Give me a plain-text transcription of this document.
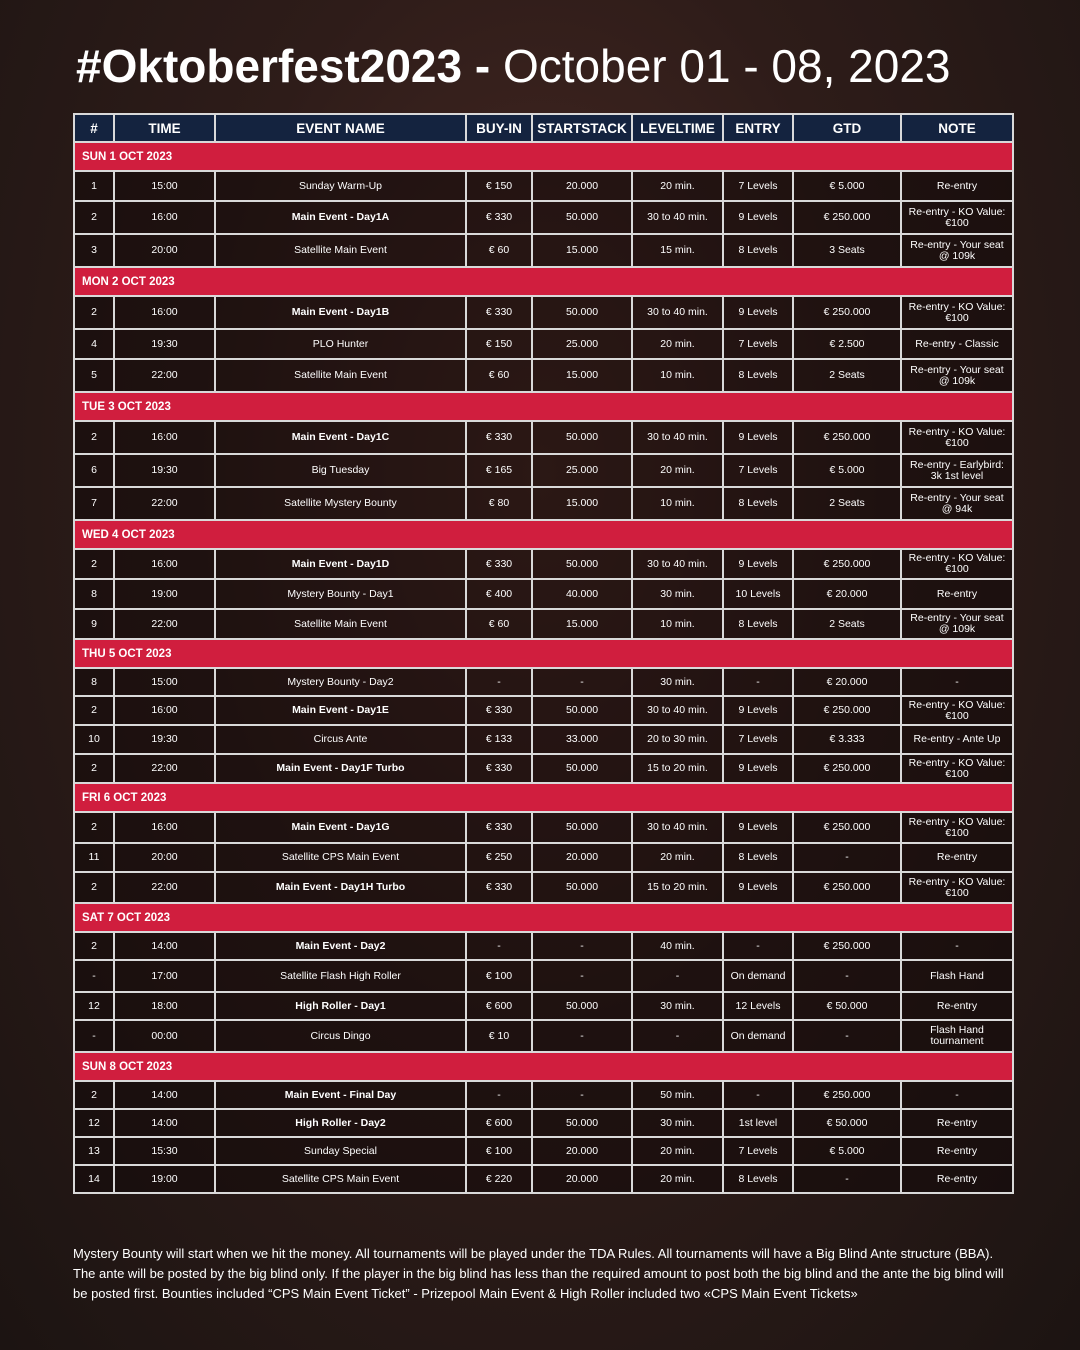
#Oktoberfest2023 - October 01 - 08, 2023
#	TIME	EVENT NAME	BUY-IN	STARTSTACK	LEVELTIME	ENTRY	GTD	NOTE
SUN 1 OCT 2023								
1	15:00	Sunday Warm-Up	€ 150	20.000	20 min.	7 Levels	€ 5.000	Re-entry
2	16:00	Main Event - Day1A	€ 330	50.000	30 to 40 min.	9 Levels	€ 250.000	Re-entry - KO Value: €100
3	20:00	Satellite Main Event	€ 60	15.000	15 min.	8 Levels	3 Seats	Re-entry - Your seat @ 109k
MON 2 OCT 2023								
2	16:00	Main Event - Day1B	€ 330	50.000	30 to 40 min.	9 Levels	€ 250.000	Re-entry - KO Value: €100
4	19:30	PLO Hunter	€ 150	25.000	20 min.	7 Levels	€ 2.500	Re-entry - Classic
5	22:00	Satellite Main Event	€ 60	15.000	10 min.	8 Levels	2 Seats	Re-entry - Your seat @ 109k
TUE 3 OCT 2023								
2	16:00	Main Event - Day1C	€ 330	50.000	30 to 40 min.	9 Levels	€ 250.000	Re-entry - KO Value: €100
6	19:30	Big Tuesday	€ 165	25.000	20 min.	7 Levels	€ 5.000	Re-entry - Earlybird: 3k 1st level
7	22:00	Satellite Mystery Bounty	€ 80	15.000	10 min.	8 Levels	2 Seats	Re-entry - Your seat @ 94k
WED 4 OCT 2023								
2	16:00	Main Event - Day1D	€ 330	50.000	30 to 40 min.	9 Levels	€ 250.000	Re-entry - KO Value: €100
8	19:00	Mystery Bounty - Day1	€ 400	40.000	30 min.	10 Levels	€ 20.000	Re-entry
9	22:00	Satellite Main Event	€ 60	15.000	10 min.	8 Levels	2 Seats	Re-entry - Your seat @ 109k
THU 5 OCT 2023								
8	15:00	Mystery Bounty - Day2	-	-	30 min.	-	€ 20.000	-
2	16:00	Main Event - Day1E	€ 330	50.000	30 to 40 min.	9 Levels	€ 250.000	Re-entry - KO Value: €100
10	19:30	Circus Ante	€ 133	33.000	20 to 30 min.	7 Levels	€ 3.333	Re-entry - Ante Up
2	22:00	Main Event - Day1F Turbo	€ 330	50.000	15 to 20 min.	9 Levels	€ 250.000	Re-entry - KO Value: €100
FRI 6 OCT 2023								
2	16:00	Main Event - Day1G	€ 330	50.000	30 to 40 min.	9 Levels	€ 250.000	Re-entry - KO Value: €100
11	20:00	Satellite CPS Main Event	€ 250	20.000	20 min.	8 Levels	-	Re-entry
2	22:00	Main Event - Day1H Turbo	€ 330	50.000	15 to 20 min.	9 Levels	€ 250.000	Re-entry - KO Value: €100
SAT 7 OCT 2023								
2	14:00	Main Event - Day2	-	-	40 min.	-	€ 250.000	-
-	17:00	Satellite Flash High Roller	€ 100	-	-	On demand	-	Flash Hand
12	18:00	High Roller - Day1	€ 600	50.000	30 min.	12 Levels	€ 50.000	Re-entry
-	00:00	Circus Dingo	€ 10	-	-	On demand	-	Flash Hand tournament
SUN 8 OCT 2023								
2	14:00	Main Event - Final Day	-	-	50 min.	-	€ 250.000	-
12	14:00	High Roller - Day2	€ 600	50.000	30 min.	1st level	€ 50.000	Re-entry
13	15:30	Sunday Special	€ 100	20.000	20 min.	7 Levels	€ 5.000	Re-entry
14	19:00	Satellite CPS Main Event	€ 220	20.000	20 min.	8 Levels	-	Re-entry
Mystery Bounty will start when we hit the money. All tournaments will be played under the TDA Rules. All tournaments will have a Big Blind Ante structure (BBA). The ante will be posted by the big blind only. If the player in the big blind has less than the required amount to post both the big blind and the ante the big blind will be posted first. Bounties included “CPS Main Event Ticket” - Prizepool Main Event & High Roller included two «CPS Main Event Tickets»
